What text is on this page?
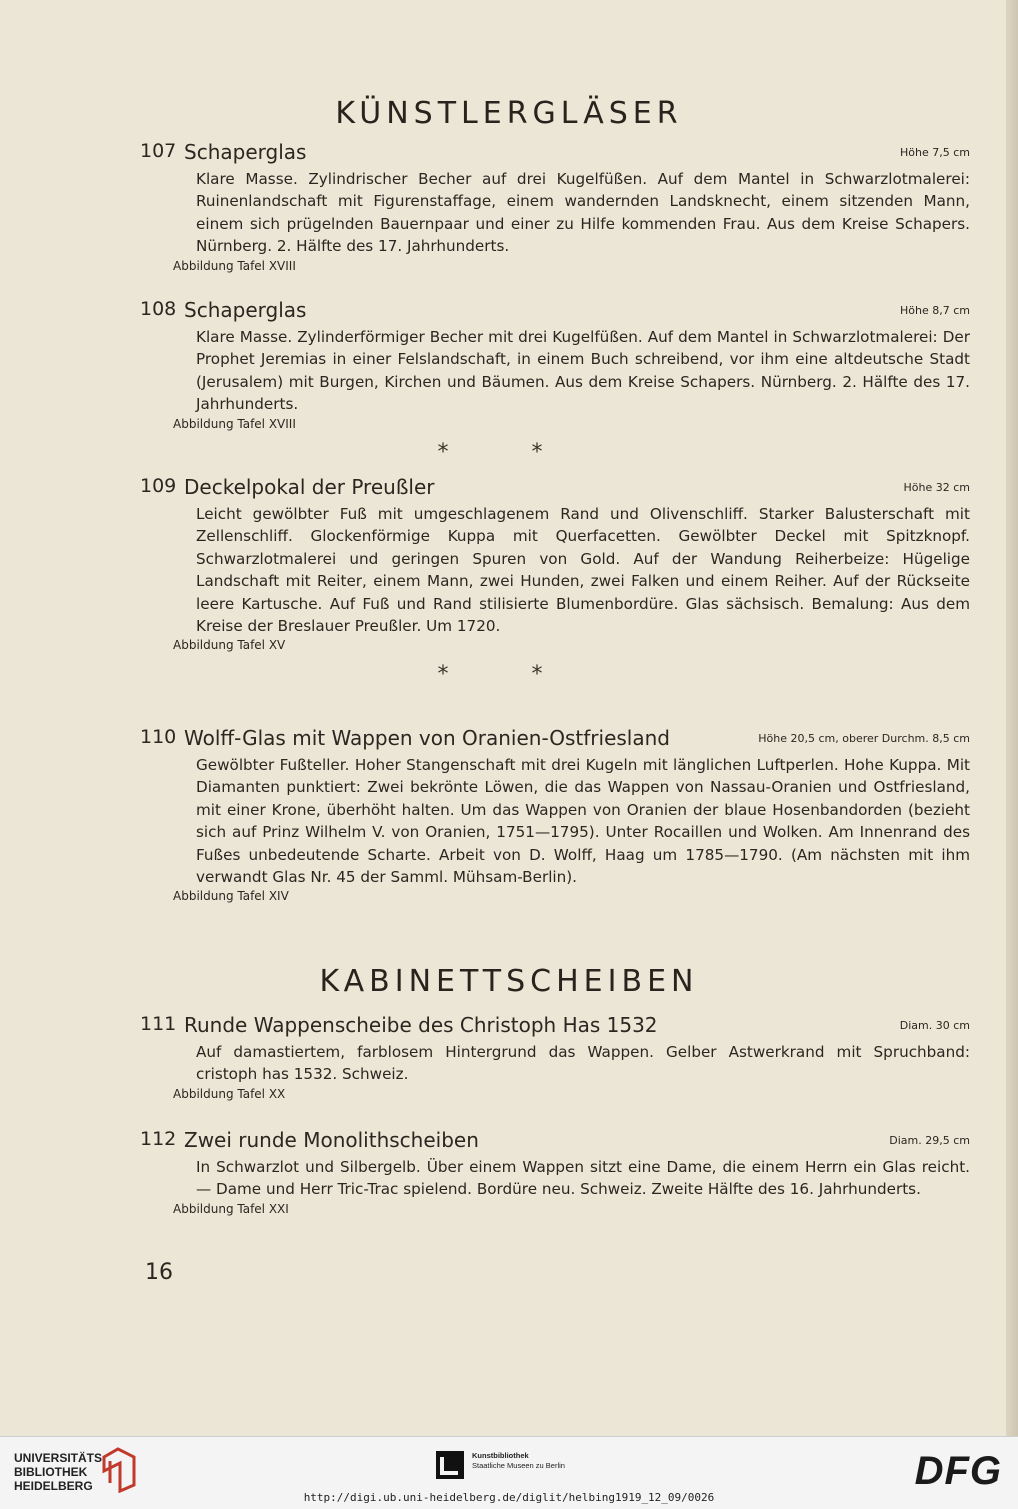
KÜNSTLERGLÄSER
107 Schaperglas	Höhe 7,5 cm
Klare Masse. Zylindrischer Becher auf drei Kugelfüßen. Auf dem Mantel in Schwarzlotmalerei: Ruinenlandschaft mit Figurenstaffage, einem wandernden Landsknecht, einem sitzenden Mann, einem sich prügelnden Bauernpaar und einer zu Hilfe kommenden Frau. Aus dem Kreise Schapers. Nürnberg. 2. Hälfte des 17. Jahrhunderts.
Abbildung Tafel XVIII
108 Schaperglas	Höhe 8,7 cm
Klare Masse. Zylinderförmiger Becher mit drei Kugelfüßen. Auf dem Mantel in Schwarzlotmalerei: Der Prophet Jeremias in einer Felslandschaft, in einem Buch schreibend, vor ihm eine altdeutsche Stadt (Jerusalem) mit Burgen, Kirchen und Bäumen. Aus dem Kreise Schapers. Nürnberg. 2. Hälfte des 17. Jahrhunderts.
Abbildung Tafel XVIII

* *

109 Deckelpokal der Preußler	Höhe 32 cm
Leicht gewölbter Fuß mit umgeschlagenem Rand und Olivenschliff. Starker Balusterschaft mit Zellenschliff. Glockenförmige Kuppa mit Querfacetten. Gewölbter Deckel mit Spitzknopf. Schwarzlotmalerei und geringen Spuren von Gold. Auf der Wandung Reiherbeize: Hügelige Landschaft mit Reiter, einem Mann, zwei Hunden, zwei Falken und einem Reiher. Auf der Rückseite leere Kartusche. Auf Fuß und Rand stilisierte Blumenbordüre. Glas sächsisch. Bemalung: Aus dem Kreise der Breslauer Preußler. Um 1720.
Abbildung Tafel XV

* *

110 Wolff-Glas mit Wappen von Oranien-Ostfriesland	Höhe 20,5 cm, oberer Durchm. 8,5 cm
Gewölbter Fußteller. Hoher Stangenschaft mit drei Kugeln mit länglichen Luftperlen. Hohe Kuppa. Mit Diamanten punktiert: Zwei bekrönte Löwen, die das Wappen von Nassau-Oranien und Ostfriesland, mit einer Krone, überhöht halten. Um das Wappen von Oranien der blaue Hosenbandorden (bezieht sich auf Prinz Wilhelm V. von Oranien, 1751—1795). Unter Rocaillen und Wolken. Am Innenrand des Fußes unbedeutende Scharte. Arbeit von D. Wolff, Haag um 1785—1790. (Am nächsten mit ihm verwandt Glas Nr. 45 der Samml. Mühsam-Berlin).
Abbildung Tafel XIV
KABINETTSCHEIBEN
111 Runde Wappenscheibe des Christoph Has 1532	Diam. 30 cm
Auf damastiertem, farblosem Hintergrund das Wappen. Gelber Astwerkrand mit Spruchband: cristoph has 1532. Schweiz.
Abbildung Tafel XX
112 Zwei runde Monolithscheiben	Diam. 29,5 cm
In Schwarzlot und Silbergelb. Über einem Wappen sitzt eine Dame, die einem Herrn ein Glas reicht. — Dame und Herr Tric-Trac spielend. Bordüre neu. Schweiz. Zweite Hälfte des 16. Jahrhunderts.
Abbildung Tafel XXI
16
UNIVERSITÄTS-
BIBLIOTHEK
HEIDELBERG
Kunstbibliothek
Staatliche Museen zu Berlin	DFG
http://digi.ub.uni-heidelberg.de/diglit/helbing1919_12_09/0026
